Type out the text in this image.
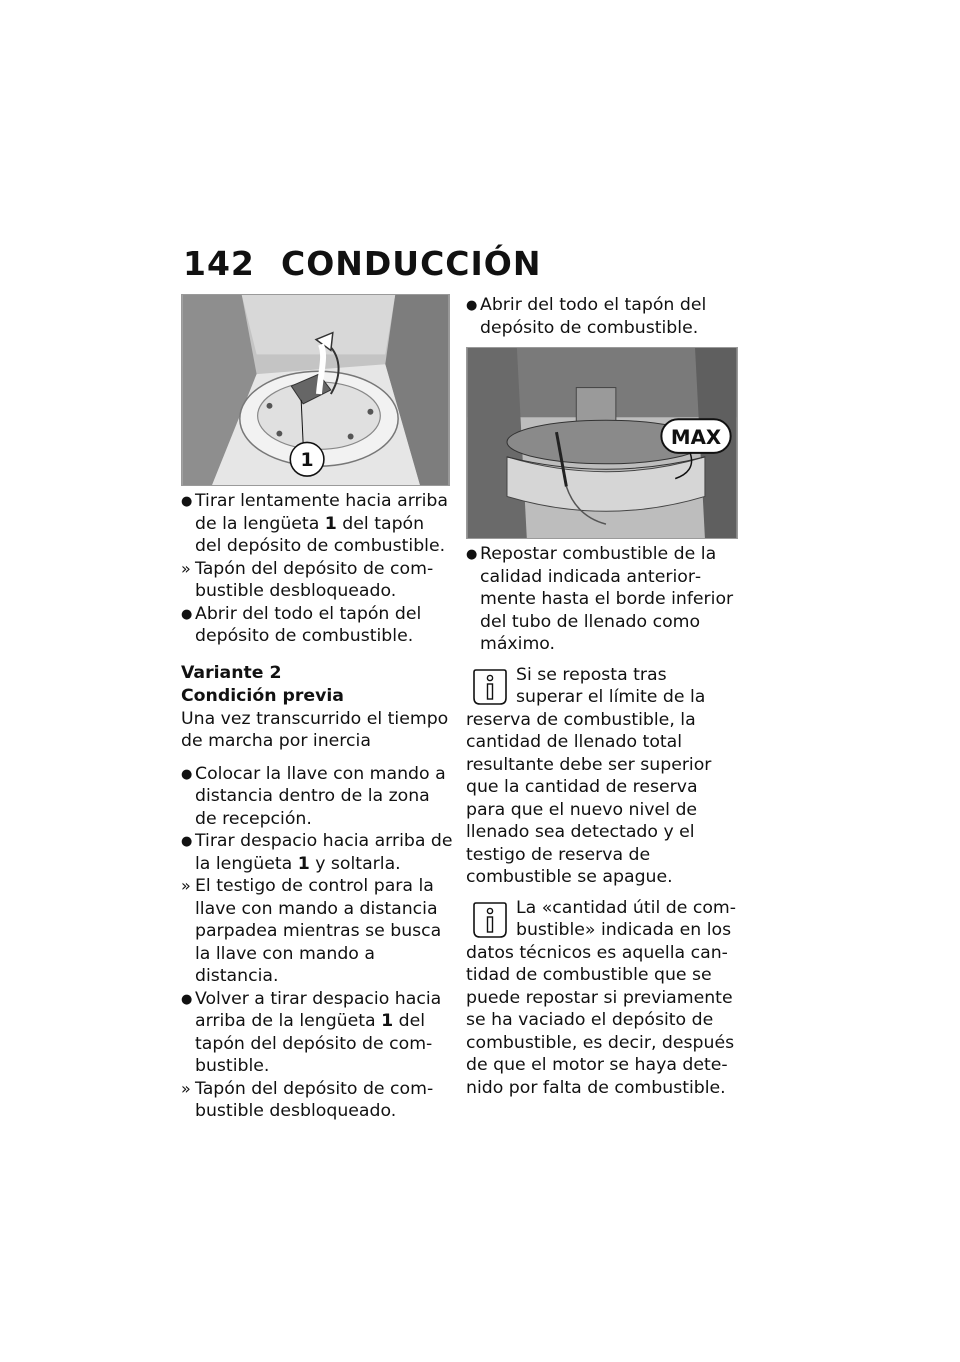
142 CONDUCCIÓN
1
● Tirar lentamente hacia arriba de la lengüeta 1 del tapón del depósito de combustible.
» Tapón del depósito de combustible desbloqueado.
● Abrir del todo el tapón del depósito de combustible.
Variante 2
Condición previa

Una vez transcurrido el tiempo de marcha por inercia

● Colocar la llave con mando a distancia dentro de la zona de recepción.
● Tirar despacio hacia arriba de la lengüeta 1 y soltarla.
» El testigo de control para la llave con mando a distancia parpadea mientras se busca la llave con mando a distancia.
● Volver a tirar despacio hacia arriba de la lengüeta 1 del tapón del depósito de combustible.
» Tapón del depósito de combustible desbloqueado.
● Abrir del todo el tapón del depósito de combustible.
MAX
● Repostar combustible de la calidad indicada anteriormente hasta el borde inferior del tubo de llenado como máximo.

Si se reposta tras superar el límite de la reserva de combustible, la cantidad de llenado total resultante debe ser superior que la cantidad de reserva para que el nuevo nivel de llenado sea detectado y el testigo de reserva de combustible se apague.

La «cantidad útil de combustible» indicada en los datos técnicos es aquella cantidad de combustible que se puede repostar si previamente se ha vaciado el depósito de combustible, es decir, después de que el motor se haya detenido por falta de combustible.
